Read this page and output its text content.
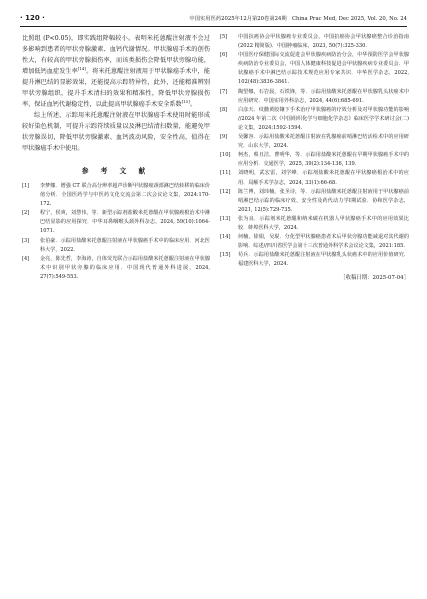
· 120 ·	中国实用医药2025年12月第20卷第24期　China Prac Med, Dec 2025, Vol. 20, No. 24

比照组 (P<0.05)，即实践组降幅较小。表明米托蒽醌注射液不会过多影响到患者的甲状旁腺激素、血钙代谢情况。甲状腺癌手术的创伤性大，有较高的甲状旁腺损伤率，而该类损伤会降低甲状旁腺功能，增加低钙血症发生率[14]。将米托蒽醌注射液用于甲状腺癌手术中，能提升淋巴结的显影效果，还能提高示踪特异性，此外，还能精准辨别甲状旁腺组织，提升手术清扫的效果和精准性，降低甲状旁腺损伤率，保证血钙代谢稳定性，以此提高甲状腺癌手术安全系数[15]。

综上所述，示踪用米托蒽醌注射液在甲状腺癌手术使用时能形成较好染色机制，可提升示踪符续质量以及淋巴结清扫数量，能避免甲状旁腺误切，降低甲状旁腺激素、血钙波动风险，安全性高，值得在甲状腺癌手术中使用。

参 考 文 献
[1]	李梦娜．增强 CT 联合高分辨率超声诊断甲状腺癌颈部淋巴结转移的临床价值分析．全国医药学与中医药文化交流会第二次会议论文集，2024:170-172.
[2]	程宁，侯爽，刘慧伟，等．新型示踪剂盐酸米托蒽醌在甲状腺癌根治术中淋巴结显影的应用探究．中华耳鼻咽喉头颈外科杂志，2024, 59(10):1064-1071.
[3]	张伯豪．示踪用盐酸米托蒽醌注射液在甲状腺癌手术中的临床应用．河北医科大学，2022.
[4]	金亮，陈先哲，李海涛，自体荧光联合示踪用盐酸米托蒽醌注射液在甲状腺术中识别甲状旁腺的临床应用．中国现代普通外科进展，2024, 27(7):549-553.
[5]	中国抗癌协会甲状腺癌专业委员会，中国抗癌协会甲状腺癌整合诊治指南(2022 精简版)．中国肿瘤临床，2023, 50(7):325-330.
[6]	中国医疗保健国际交流促进会甲状腺疾病防治分会，中华预防医学会甲状腺疾病防治专业委员会，中国人体健康科技促进会甲状腺疾病专业委员会．甲状腺癌手术中淋巴结示踪技术规范应用专家共识．中华医学杂志，2022, 102(48):3836-3841.
[7]	陶望娜，石岩晨，石铁锋，等．示踪用盐酸米托蒽醌在甲状腺乳头状癌术中应用研究．中国实用外科杂志，2024, 44(6):685-691.
[8]	白彦天．纹髓黄胶镶下手术治疗甲状腺癌的疗效分析及对甲状腺功能的影响 //2024 年第二次《中国组织化学与细胞化学杂志》临床医学学术研讨会(二)论文集，2024:1592-1594.
[9]	吴馨容．示踪用盐酸米托蒽醌注射液在乳腺癌前哨淋巴结活检术中的应用研究．山东大学，2024.
[10]	柯杰，蔡且洁，曹明华，等．示踪用盐酸米托蒽醌在早期甲状腺癌手术中的应用分析．交通医学，2025, 39(2):134-136, 139.
[11]	刘晓明，武宏雷，刘学峰．示踪剂盐酸米托蒽醌在甲状腺癌根治术中的应用．局解手术学杂志，2024, 33(1):66-68.
[12]	陈兰博，刘玮楠，张圣诗，等．示踪用盐酸米托蒽醌注射液用于甲状腺癌前哨淋巴结示踪的临床疗效、安全性及药代动力学Ⅰ期试验．协和医学杂志，2021, 12(5):729-735.
[13]	张为良．示踪剂米托蒽醌和纳米碳在机器人甲状腺癌手术中的应用效果比较．蚌埠医科大学，2024.
[14]	何楠，徐娟，吴琨．分化型甲状腺癌患者术后甲状旁腺功能减退对其代谢的影响．综述//四川省医学会第十三次普通外科学术会议论文集，2021:185.
[15]	苟兵．示踪用盐酸米托蒽醌注射液在甲状腺乳头状癌术中的应用价值研究．福建医科大学，2024.
［收稿日期：2025-07-04］
